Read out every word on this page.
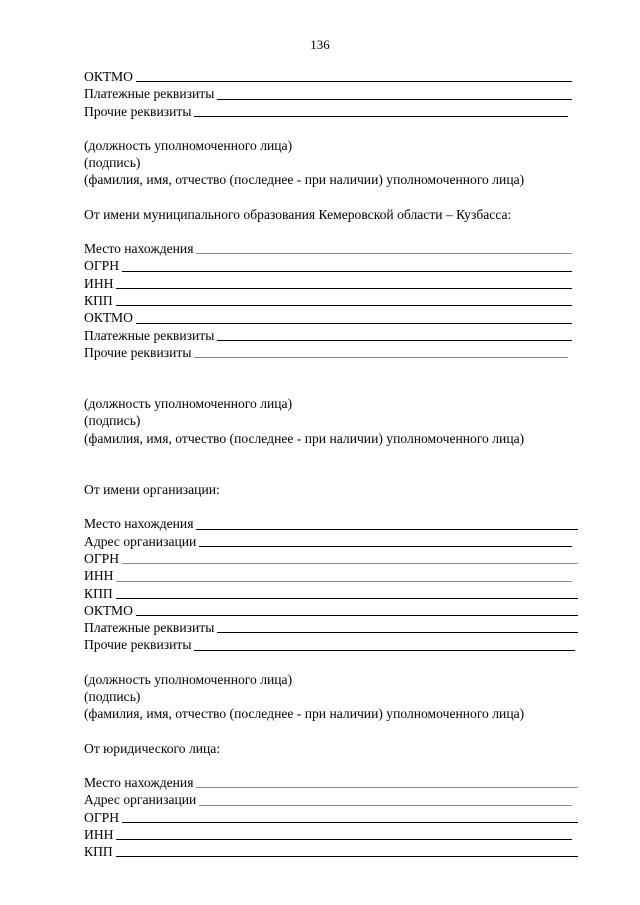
136
ОКТМО
Платежные реквизиты
Прочие реквизиты
(должность уполномоченного лица)
(подпись)
(фамилия, имя, отчество (последнее - при наличии) уполномоченного лица)
От имени муниципального образования Кемеровской области – Кузбасса:
Место нахождения
ОГРН
ИНН
КПП
ОКТМО
Платежные реквизиты
Прочие реквизиты
(должность уполномоченного лица)
(подпись)
(фамилия, имя, отчество (последнее - при наличии) уполномоченного лица)
От имени организации:
Место нахождения
Адрес организации
ОГРН
ИНН
КПП
ОКТМО
Платежные реквизиты
Прочие реквизиты
(должность уполномоченного лица)
(подпись)
(фамилия, имя, отчество (последнее - при наличии) уполномоченного лица)
От юридического лица:
Место нахождения
Адрес организации
ОГРН
ИНН
КПП
